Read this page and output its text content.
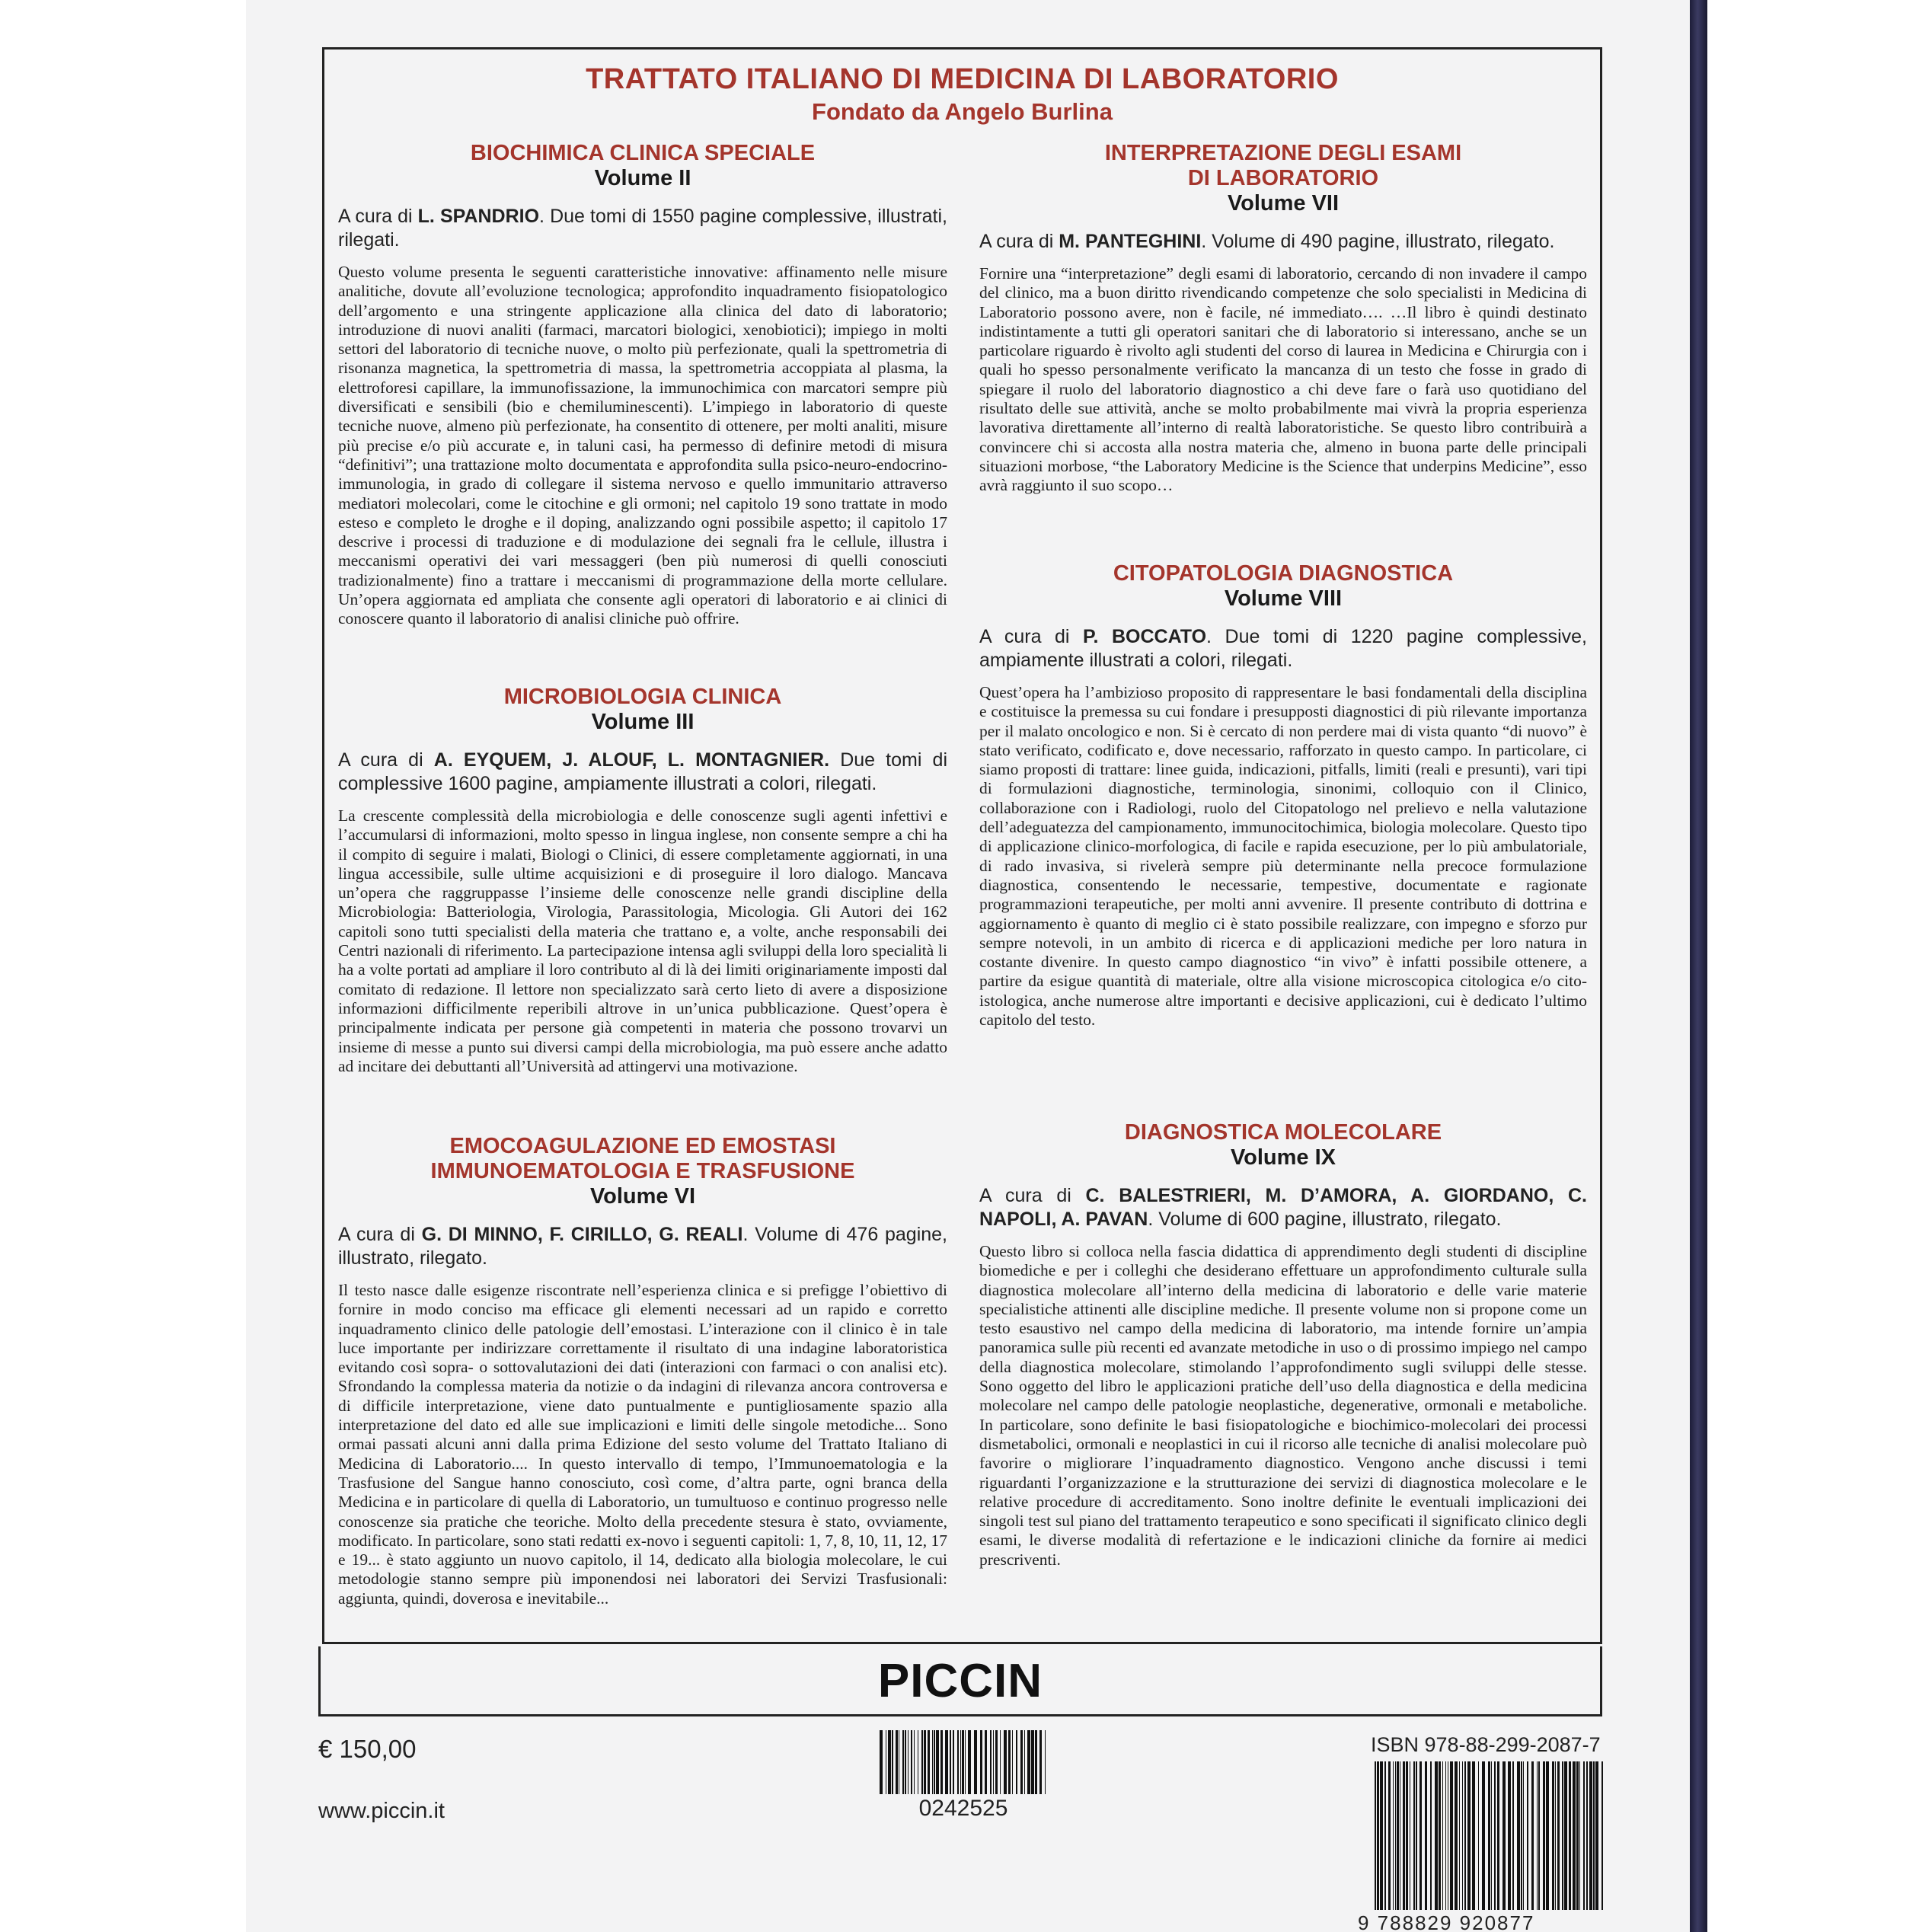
TRATTATO ITALIANO DI MEDICINA DI LABORATORIO
Fondato da Angelo Burlina
BIOCHIMICA CLINICA SPECIALE
Volume II
A cura di L. SPANDRIO. Due tomi di 1550 pagine complessive, illustrati, rilegati.
Questo volume presenta le seguenti caratteristiche innovative: affinamento nelle misure analitiche, dovute all’evoluzione tecnologica; approfondito inquadramento fisiopatologico dell’argomento e una stringente applicazione alla clinica del dato di laboratorio; introduzione di nuovi analiti (farmaci, marcatori biologici, xenobiotici); impiego in molti settori del laboratorio di tecniche nuove, o molto più perfezionate, quali la spettrometria di risonanza magnetica, la spettrometria di massa, la spettrometria accoppiata al plasma, la elettroforesi capillare, la immunofissazione, la immunochimica con marcatori sempre più diversificati e sensibili (bio e chemiluminescenti). L’impiego in laboratorio di queste tecniche nuove, almeno più perfezionate, ha consentito di ottenere, per molti analiti, misure più precise e/o più accurate e, in taluni casi, ha permesso di definire metodi di misura “definitivi”; una trattazione molto documentata e approfondita sulla psico-neuro-endocrino-immunologia, in grado di collegare il sistema nervoso e quello immunitario attraverso mediatori molecolari, come le citochine e gli ormoni; nel capitolo 19 sono trattate in modo esteso e completo le droghe e il doping, analizzando ogni possibile aspetto; il capitolo 17 descrive i processi di traduzione e di modulazione dei segnali fra le cellule, illustra i meccanismi operativi dei vari messaggeri (ben più numerosi di quelli conosciuti tradizionalmente) fino a trattare i meccanismi di programmazione della morte cellulare. Un’opera aggiornata ed ampliata che consente agli operatori di laboratorio e ai clinici di conoscere quanto il laboratorio di analisi cliniche può offrire.
MICROBIOLOGIA CLINICA
Volume III
A cura di A. EYQUEM, J. ALOUF, L. MONTAGNIER. Due tomi di complessive 1600 pagine, ampiamente illustrati a colori, rilegati.
La crescente complessità della microbiologia e delle conoscenze sugli agenti infettivi e l’accumularsi di informazioni, molto spesso in lingua inglese, non consente sempre a chi ha il compito di seguire i malati, Biologi o Clinici, di essere completamente aggiornati, in una lingua accessibile, sulle ultime acquisizioni e di proseguire il loro dialogo. Mancava un’opera che raggruppasse l’insieme delle conoscenze nelle grandi discipline della Microbiologia: Batteriologia, Virologia, Parassitologia, Micologia. Gli Autori dei 162 capitoli sono tutti specialisti della materia che trattano e, a volte, anche responsabili dei Centri nazionali di riferimento. La partecipazione intensa agli sviluppi della loro specialità li ha a volte portati ad ampliare il loro contributo al di là dei limiti originariamente imposti dal comitato di redazione. Il lettore non specializzato sarà certo lieto di avere a disposizione informazioni difficilmente reperibili altrove in un’unica pubblicazione. Quest’opera è principalmente indicata per persone già competenti in materia che possono trovarvi un insieme di messe a punto sui diversi campi della microbiologia, ma può essere anche adatto ad incitare dei debuttanti all’Università ad attingervi una motivazione.
EMOCOAGULAZIONE ED EMOSTASI
IMMUNOEMATOLOGIA E TRASFUSIONE
Volume VI
A cura di G. DI MINNO, F. CIRILLO, G. REALI. Volume di 476 pagine, illustrato, rilegato.
Il testo nasce dalle esigenze riscontrate nell’esperienza clinica e si prefigge l’obiettivo di fornire in modo conciso ma efficace gli elementi necessari ad un rapido e corretto inquadramento clinico delle patologie dell’emostasi. L’interazione con il clinico è in tale luce importante per indirizzare correttamente il risultato di una indagine laboratoristica evitando così sopra- o sottovalutazioni dei dati (interazioni con farmaci o con analisi etc). Sfrondando la complessa materia da notizie o da indagini di rilevanza ancora controversa e di difficile interpretazione, viene dato puntualmente e puntigliosamente spazio alla interpretazione del dato ed alle sue implicazioni e limiti delle singole metodiche... Sono ormai passati alcuni anni dalla prima Edizione del sesto volume del Trattato Italiano di Medicina di Laboratorio.... In questo intervallo di tempo, l’Immunoematologia e la Trasfusione del Sangue hanno conosciuto, così come, d’altra parte, ogni branca della Medicina e in particolare di quella di Laboratorio, un tumultuoso e continuo progresso nelle conoscenze sia pratiche che teoriche. Molto della precedente stesura è stato, ovviamente, modificato. In particolare, sono stati redatti ex-novo i seguenti capitoli: 1, 7, 8, 10, 11, 12, 17 e 19... è stato aggiunto un nuovo capitolo, il 14, dedicato alla biologia molecolare, le cui metodologie stanno sempre più imponendosi nei laboratori dei Servizi Trasfusionali: aggiunta, quindi, doverosa e inevitabile...
INTERPRETAZIONE DEGLI ESAMI
DI LABORATORIO
Volume VII
A cura di M. PANTEGHINI. Volume di 490 pagine, illustrato, rilegato.
Fornire una “interpretazione” degli esami di laboratorio, cercando di non invadere il campo del clinico, ma a buon diritto rivendicando competenze che solo specialisti in Medicina di Laboratorio possono avere, non è facile, né immediato…. …Il libro è quindi destinato indistintamente a tutti gli operatori sanitari che di laboratorio si interessano, anche se un particolare riguardo è rivolto agli studenti del corso di laurea in Medicina e Chirurgia con i quali ho spesso personalmente verificato la mancanza di un testo che fosse in grado di spiegare il ruolo del laboratorio diagnostico a chi deve fare o farà uso quotidiano del risultato delle sue attività, anche se molto probabilmente mai vivrà la propria esperienza lavorativa direttamente all’interno di realtà laboratoristiche. Se questo libro contribuirà a convincere chi si accosta alla nostra materia che, almeno in buona parte delle principali situazioni morbose, “the Laboratory Medicine is the Science that underpins Medicine”, esso avrà raggiunto il suo scopo…
CITOPATOLOGIA DIAGNOSTICA
Volume VIII
A cura di P. BOCCATO. Due tomi di 1220 pagine complessive, ampiamente illustrati a colori, rilegati.
Quest’opera ha l’ambizioso proposito di rappresentare le basi fondamentali della disciplina e costituisce la premessa su cui fondare i presupposti diagnostici di più rilevante importanza per il malato oncologico e non. Si è cercato di non perdere mai di vista quanto “di nuovo” è stato verificato, codificato e, dove necessario, rafforzato in questo campo. In particolare, ci siamo proposti di trattare: linee guida, indicazioni, pitfalls, limiti (reali e presunti), vari tipi di formulazioni diagnostiche, terminologia, sinonimi, colloquio con il Clinico, collaborazione con i Radiologi, ruolo del Citopatologo nel prelievo e nella valutazione dell’adeguatezza del campionamento, immunocitochimica, biologia molecolare. Questo tipo di applicazione clinico-morfologica, di facile e rapida esecuzione, per lo più ambulatoriale, di rado invasiva, si rivelerà sempre più determinante nella precoce formulazione diagnostica, consentendo le necessarie, tempestive, documentate e ragionate programmazioni terapeutiche, per molti anni avvenire. Il presente contributo di dottrina e aggiornamento è quanto di meglio ci è stato possibile realizzare, con impegno e sforzo pur sempre notevoli, in un ambito di ricerca e di applicazioni mediche per loro natura in costante divenire. In questo campo diagnostico “in vivo” è infatti possibile ottenere, a partire da esigue quantità di materiale, oltre alla visione microscopica citologica e/o cito-istologica, anche numerose altre importanti e decisive applicazioni, cui è dedicato l’ultimo capitolo del testo.
DIAGNOSTICA MOLECOLARE
Volume IX
A cura di C. BALESTRIERI, M. D’AMORA, A. GIORDANO, C. NAPOLI, A. PAVAN. Volume di 600 pagine, illustrato, rilegato.
Questo libro si colloca nella fascia didattica di apprendimento degli studenti di discipline biomediche e per i colleghi che desiderano effettuare un approfondimento culturale sulla diagnostica molecolare all’interno della medicina di laboratorio e delle varie materie specialistiche attinenti alle discipline mediche. Il presente volume non si propone come un testo esaustivo nel campo della medicina di laboratorio, ma intende fornire un’ampia panoramica sulle più recenti ed avanzate metodiche in uso o di prossimo impiego nel campo della diagnostica molecolare, stimolando l’approfondimento sugli sviluppi delle stesse. Sono oggetto del libro le applicazioni pratiche dell’uso della diagnostica e della medicina molecolare nel campo delle patologie neoplastiche, degenerative, ormonali e metaboliche. In particolare, sono definite le basi fisiopatologiche e biochimico-molecolari dei processi dismetabolici, ormonali e neoplastici in cui il ricorso alle tecniche di analisi molecolare può favorire o migliorare l’inquadramento diagnostico. Vengono anche discussi i temi riguardanti l’organizzazione e la strutturazione dei servizi di diagnostica molecolare e le relative procedure di accreditamento. Sono inoltre definite le eventuali implicazioni dei singoli test sul piano del trattamento terapeutico e sono specificati il significato clinico degli esami, le diverse modalità di refertazione e le indicazioni cliniche da fornire ai medici prescriventi.
PICCIN
€ 150,00
www.piccin.it	0242525
ISBN 978-88-299-2087-7
9 788829 920877
